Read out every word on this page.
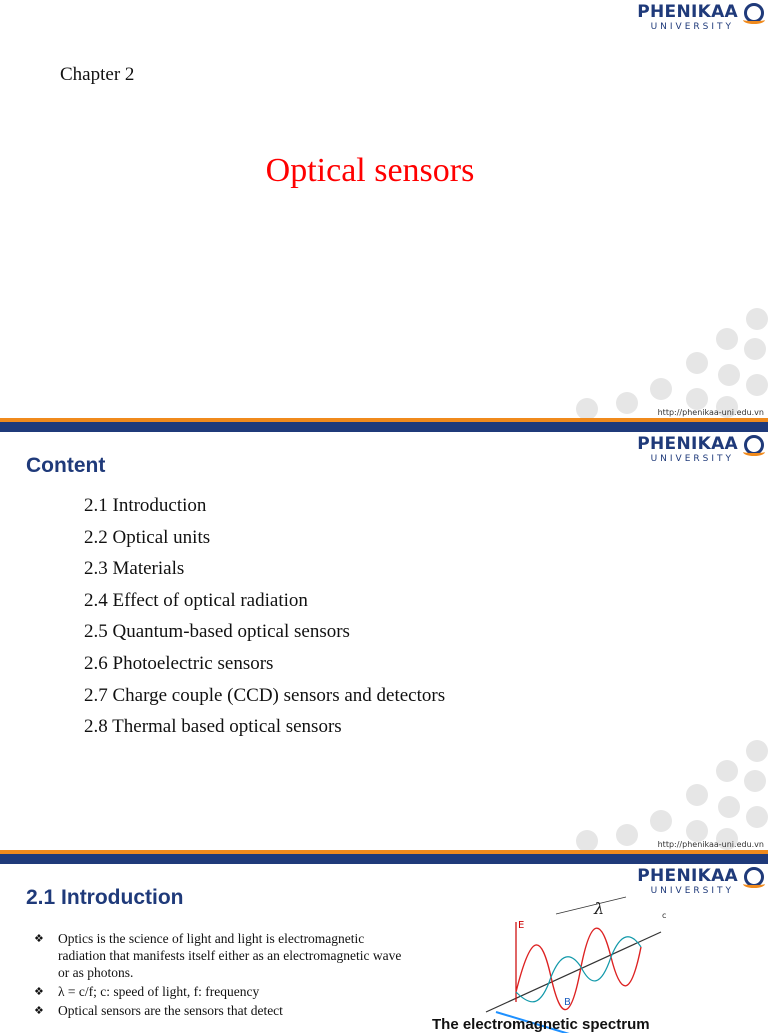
PHENIKAA
UNIVERSITY
Chapter 2
Optical sensors
http://phenikaa-uni.edu.vn
PHENIKAA
UNIVERSITY
Content
2.1 Introduction
2.2 Optical units
2.3 Materials
2.4 Effect of optical radiation
2.5 Quantum-based optical sensors
2.6 Photoelectric sensors
2.7 Charge couple (CCD) sensors and detectors
2.8 Thermal based optical sensors
http://phenikaa-uni.edu.vn
PHENIKAA
UNIVERSITY
2.1 Introduction
❖ Optics is the science of light and light is electromagnetic radiation that manifests itself either as an electromagnetic wave or as photons.
❖ λ = c/f; c: speed of light, f: frequency
❖ Optical sensors are the sensors that detect
E
B
c
λ
The electromagnetic spectrum
